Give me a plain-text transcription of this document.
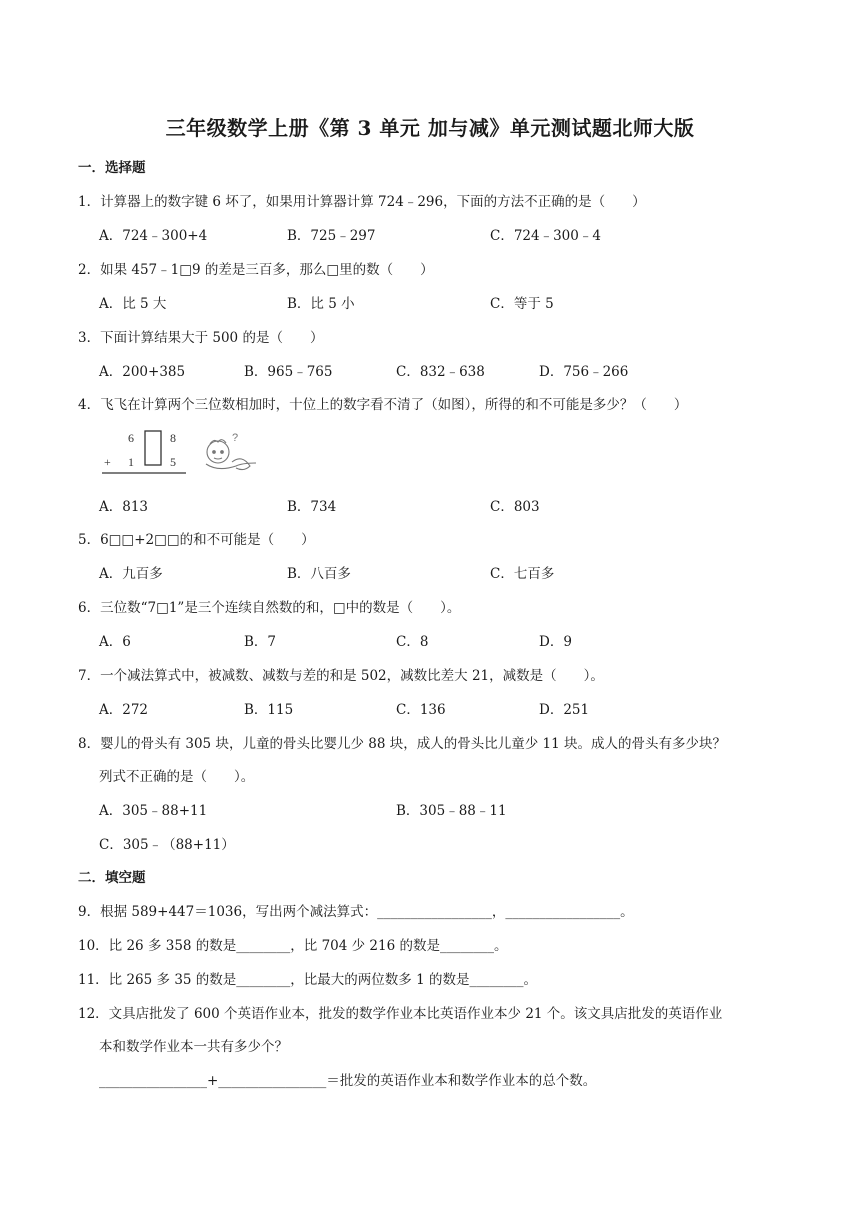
三年级数学上册《第 3 单元 加与减》单元测试题北师大版
一．选择题
1．计算器上的数字键 6 坏了，如果用计算器计算 724﹣296，下面的方法不正确的是（　　）
A．724﹣300+4	B．725﹣297	C．724﹣300﹣4
2．如果 457﹣1□9 的差是三百多，那么□里的数（　　）
A．比 5 大	B．比 5 小	C．等于 5
3．下面计算结果大于 500 的是（　　）
A．200+385	B．965﹣765	C．832﹣638	D．756﹣266
4．飞飞在计算两个三位数相加时，十位上的数字看不清了（如图），所得的和不可能是多少？（　　）
6	8
+ 1	5
?
A．813	B．734	C．803
5．6□□+2□□的和不可能是（　　）
A．九百多	B．八百多	C．七百多
6．三位数“7□1”是三个连续自然数的和，□中的数是（　　）。
A．6	B．7	C．8	D．9
7．一个减法算式中，被减数、减数与差的和是 502，减数比差大 21，减数是（　　）。
A．272	B．115	C．136	D．251
8．婴儿的骨头有 305 块，儿童的骨头比婴儿少 88 块，成人的骨头比儿童少 11 块。成人的骨头有多少块？
列式不正确的是（　　）。
A．305﹣88+11	B．305﹣88﹣11
C．305﹣（88+11）
二．填空题
9．根据 589+447＝1036，写出两个减法算式：_________________，_________________。
10．比 26 多 358 的数是________，比 704 少 216 的数是________。
11．比 265 多 35 的数是________，比最大的两位数多 1 的数是________。
12．文具店批发了 600 个英语作业本，批发的数学作业本比英语作业本少 21 个。该文具店批发的英语作业
本和数学作业本一共有多少个？
________________+________________＝批发的英语作业本和数学作业本的总个数。
